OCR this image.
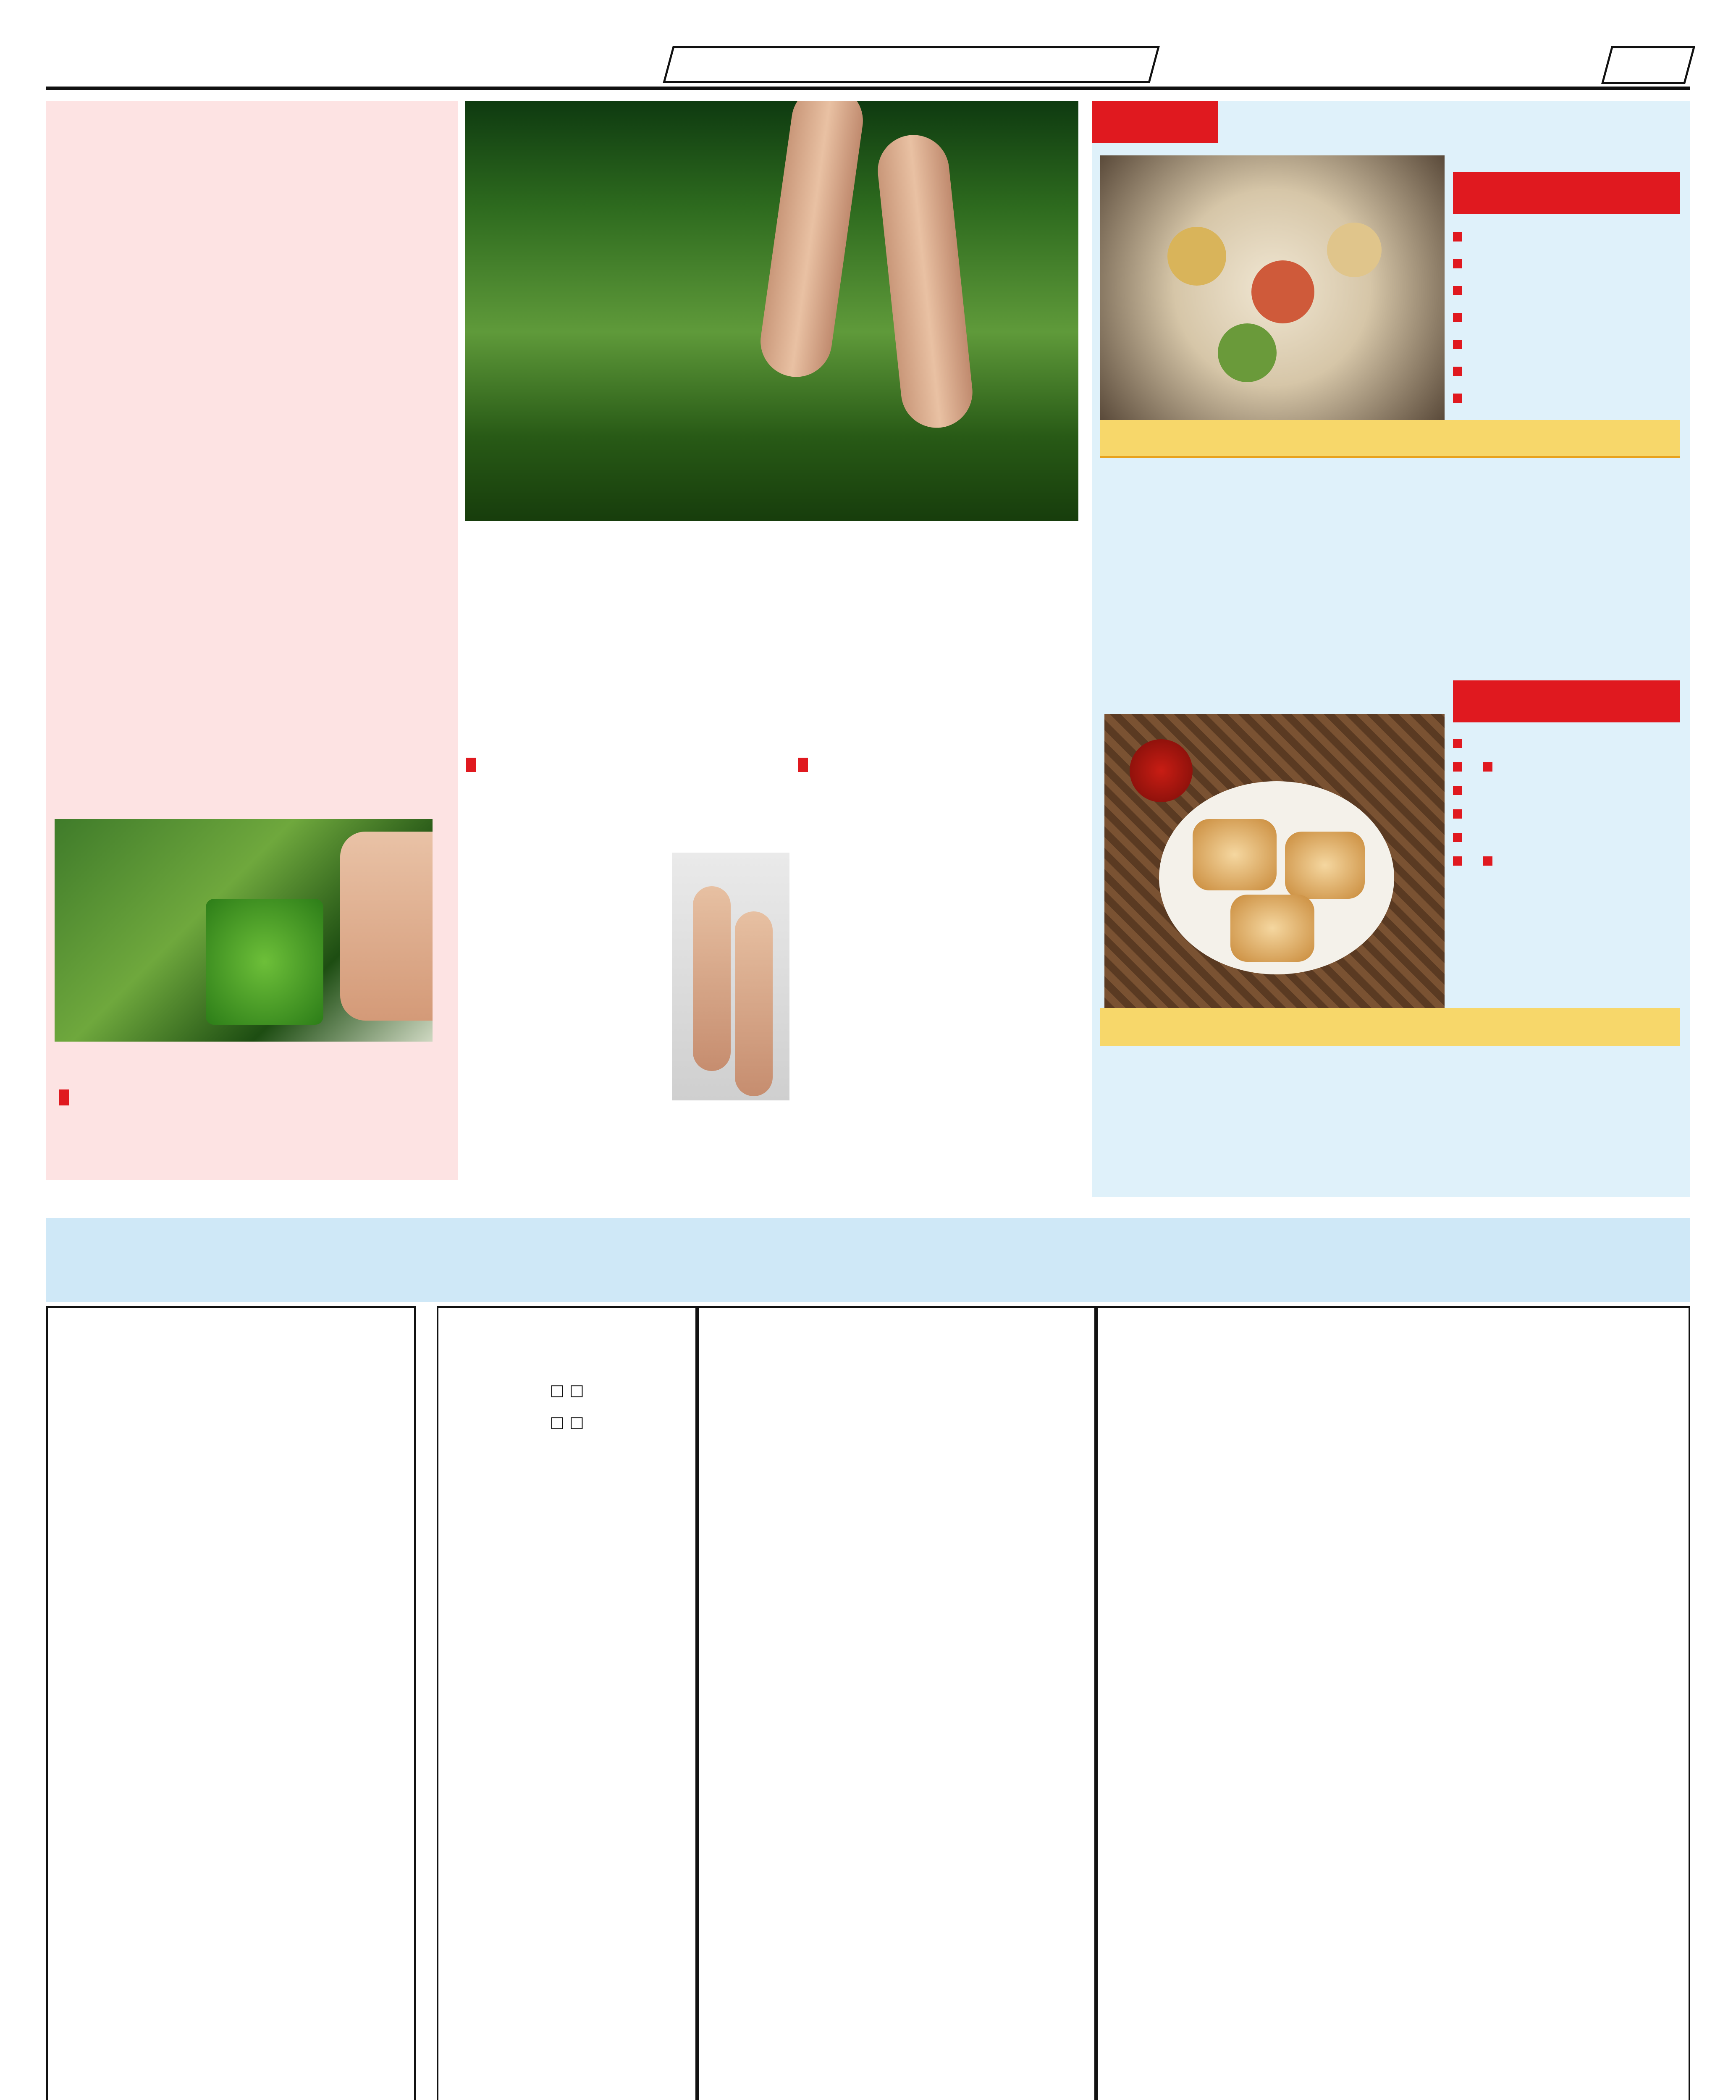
□ □

□ □
